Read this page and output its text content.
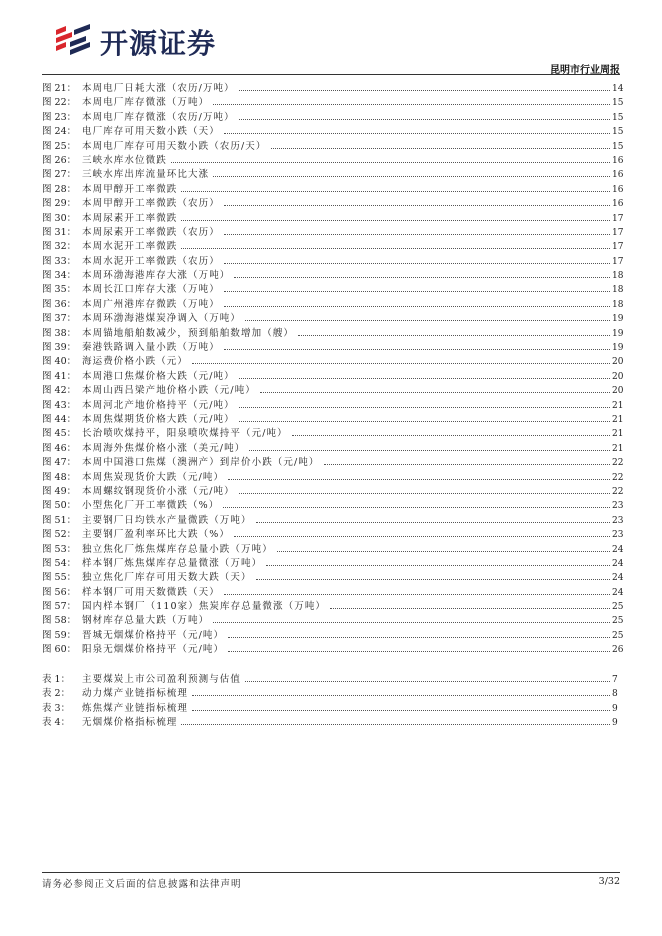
开源证券
昆明市行业周报
图 21： 本周电厂日耗大涨（农历/万吨）	14
图 22： 本周电厂库存微涨（万吨）	15
图 23： 本周电厂库存微涨（农历/万吨）	15
图 24： 电厂库存可用天数小跌（天）	15
图 25： 本周电厂库存可用天数小跌（农历/天）	15
图 26： 三峡水库水位微跌	16
图 27： 三峡水库出库流量环比大涨	16
图 28： 本周甲醇开工率微跌	16
图 29： 本周甲醇开工率微跌（农历）	16
图 30： 本周尿素开工率微跌	17
图 31： 本周尿素开工率微跌（农历）	17
图 32： 本周水泥开工率微跌	17
图 33： 本周水泥开工率微跌（农历）	17
图 34： 本周环渤海港库存大涨（万吨）	18
图 35： 本周长江口库存大涨（万吨）	18
图 36： 本周广州港库存微跌（万吨）	18
图 37： 本周环渤海港煤炭净调入（万吨）	19
图 38： 本周锚地船舶数减少，预到船舶数增加（艘）	19
图 39： 秦港铁路调入量小跌（万吨）	19
图 40： 海运费价格小跌（元）	20
图 41： 本周港口焦煤价格大跌（元/吨）	20
图 42： 本周山西吕梁产地价格小跌（元/吨）	20
图 43： 本周河北产地价格持平（元/吨）	21
图 44： 本周焦煤期货价格大跌（元/吨）	21
图 45： 长治喷吹煤持平，阳泉喷吹煤持平（元/吨）	21
图 46： 本周海外焦煤价格小涨（美元/吨）	21
图 47： 本周中国港口焦煤（澳洲产）到岸价小跌（元/吨）	22
图 48： 本周焦炭现货价大跌（元/吨）	22
图 49： 本周螺纹钢现货价小涨（元/吨）	22
图 50： 小型焦化厂开工率微跌（%）	23
图 51： 主要钢厂日均铁水产量微跌（万吨）	23
图 52： 主要钢厂盈利率环比大跌（%）	23
图 53： 独立焦化厂炼焦煤库存总量小跌（万吨）	24
图 54： 样本钢厂炼焦煤库存总量微涨（万吨）	24
图 55： 独立焦化厂库存可用天数大跌（天）	24
图 56： 样本钢厂可用天数微跌（天）	24
图 57： 国内样本钢厂（110家）焦炭库存总量微涨（万吨）	25
图 58： 钢材库存总量大跌（万吨）	25
图 59： 晋城无烟煤价格持平（元/吨）	25
图 60： 阳泉无烟煤价格持平（元/吨）	26
表 1：	主要煤炭上市公司盈利预测与估值	7
表 2：	动力煤产业链指标梳理	8
表 3：	炼焦煤产业链指标梳理	9
表 4：	无烟煤价格指标梳理	9
请务必参阅正文后面的信息披露和法律声明	3/32
